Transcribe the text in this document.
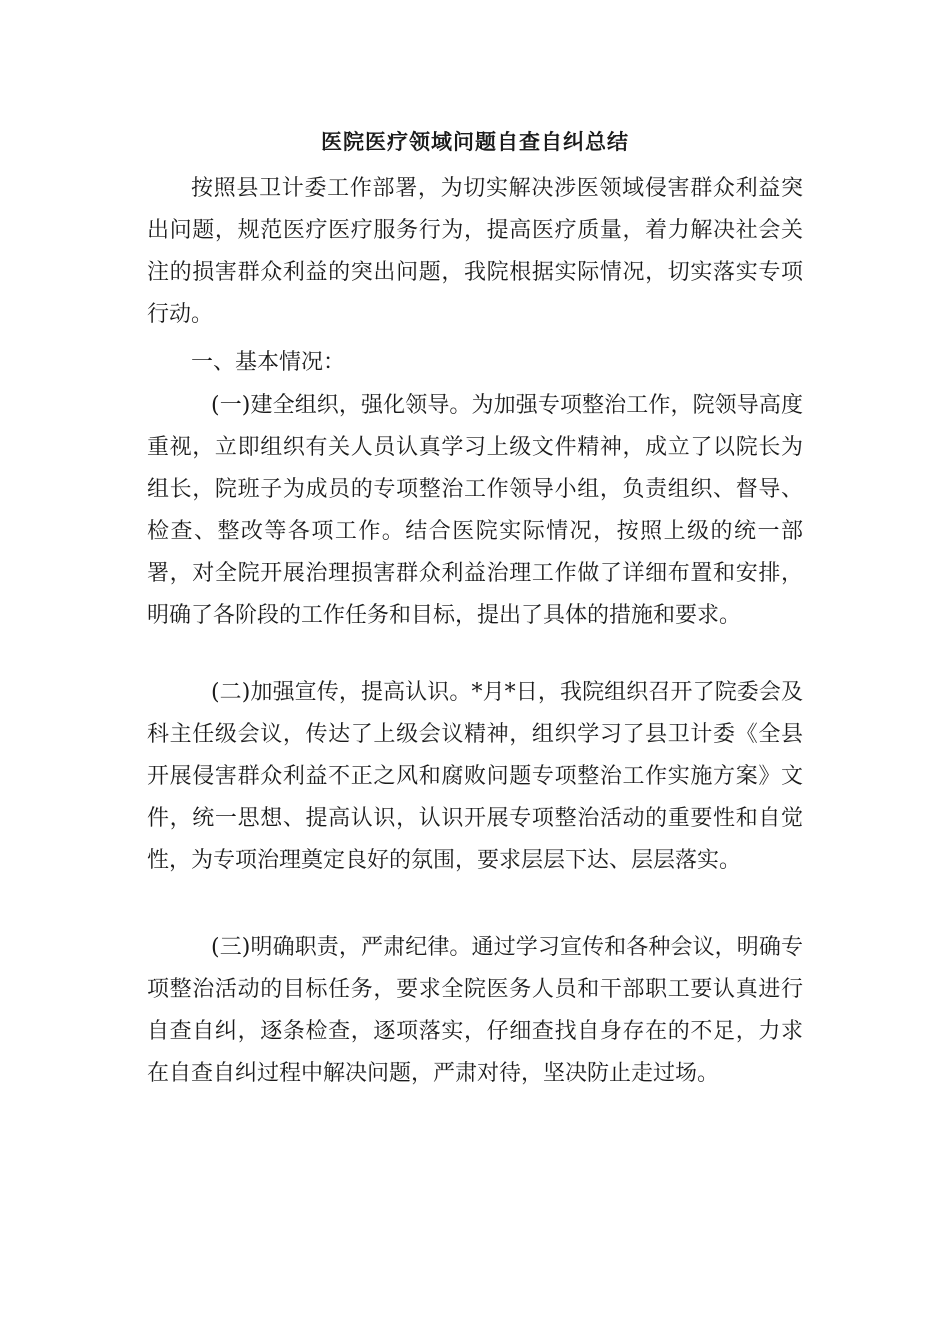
医院医疗领域问题自查自纠总结

按照县卫计委工作部署，为切实解决涉医领域侵害群众利益突出问题，规范医疗医疗服务行为，提高医疗质量，着力解决社会关注的损害群众利益的突出问题，我院根据实际情况，切实落实专项行动。

一、基本情况：

(一)建全组织，强化领导。为加强专项整治工作，院领导高度重视，立即组织有关人员认真学习上级文件精神，成立了以院长为组长，院班子为成员的专项整治工作领导小组，负责组织、督导、检查、整改等各项工作。结合医院实际情况，按照上级的统一部署，对全院开展治理损害群众利益治理工作做了详细布置和安排，明确了各阶段的工作任务和目标，提出了具体的措施和要求。

(二)加强宣传，提高认识。*月*日，我院组织召开了院委会及科主任级会议，传达了上级会议精神，组织学习了县卫计委《全县开展侵害群众利益不正之风和腐败问题专项整治工作实施方案》文件，统一思想、提高认识，认识开展专项整治活动的重要性和自觉性，为专项治理奠定良好的氛围，要求层层下达、层层落实。

(三)明确职责，严肃纪律。通过学习宣传和各种会议，明确专项整治活动的目标任务，要求全院医务人员和干部职工要认真进行自查自纠，逐条检查，逐项落实，仔细查找自身存在的不足，力求在自查自纠过程中解决问题，严肃对待，坚决防止走过场。
